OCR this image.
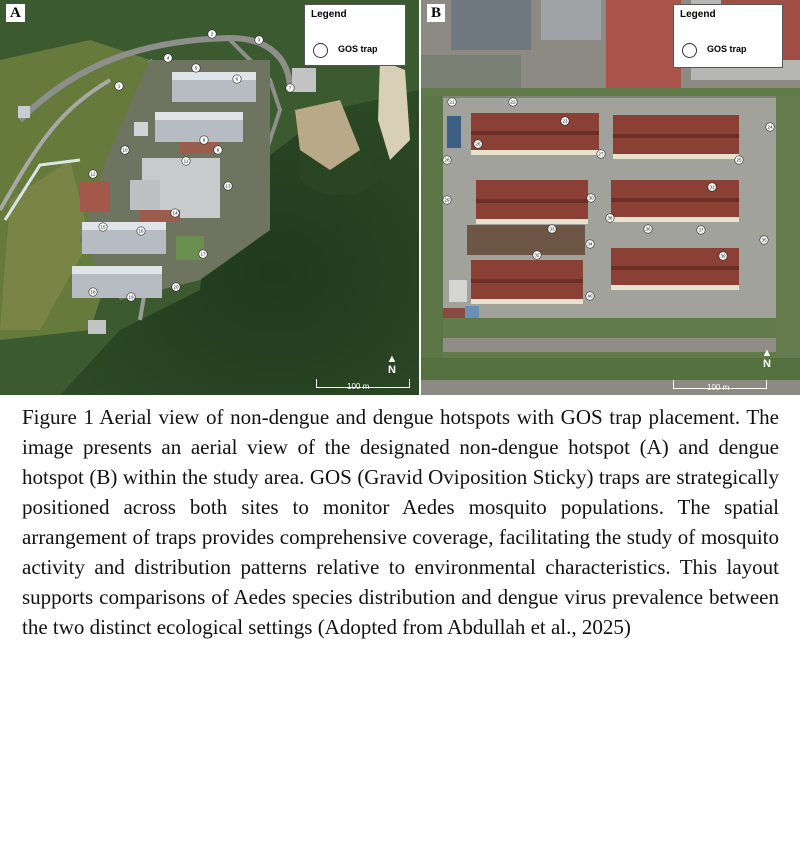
1
2
3
4
5
6
7
8
9
10
11
12
13
14
15
16
17
18
19
20
A	Legend
GOS trap
▲
N
100 m
21	22
23
24
25
26
27
28
29	30
31
32
33
34
35
36	37
38
39
40
B	Legend
GOS trap
▲
N
100 m
Figure 1 Aerial view of non-dengue and dengue hotspots with GOS trap placement. The image presents an aerial view of the designated non-dengue hotspot (A) and dengue hotspot (B) within the study area. GOS (Gravid Oviposition Sticky) traps are strategically positioned across both sites to monitor Aedes mosquito populations. The spatial arrangement of traps provides comprehensive coverage, facilitating the study of mosquito activity and distribution patterns relative to environmental characteristics. This layout supports comparisons of Aedes species distribution and dengue virus prevalence between the two distinct ecological settings (Adopted from Abdullah et al., 2025)
